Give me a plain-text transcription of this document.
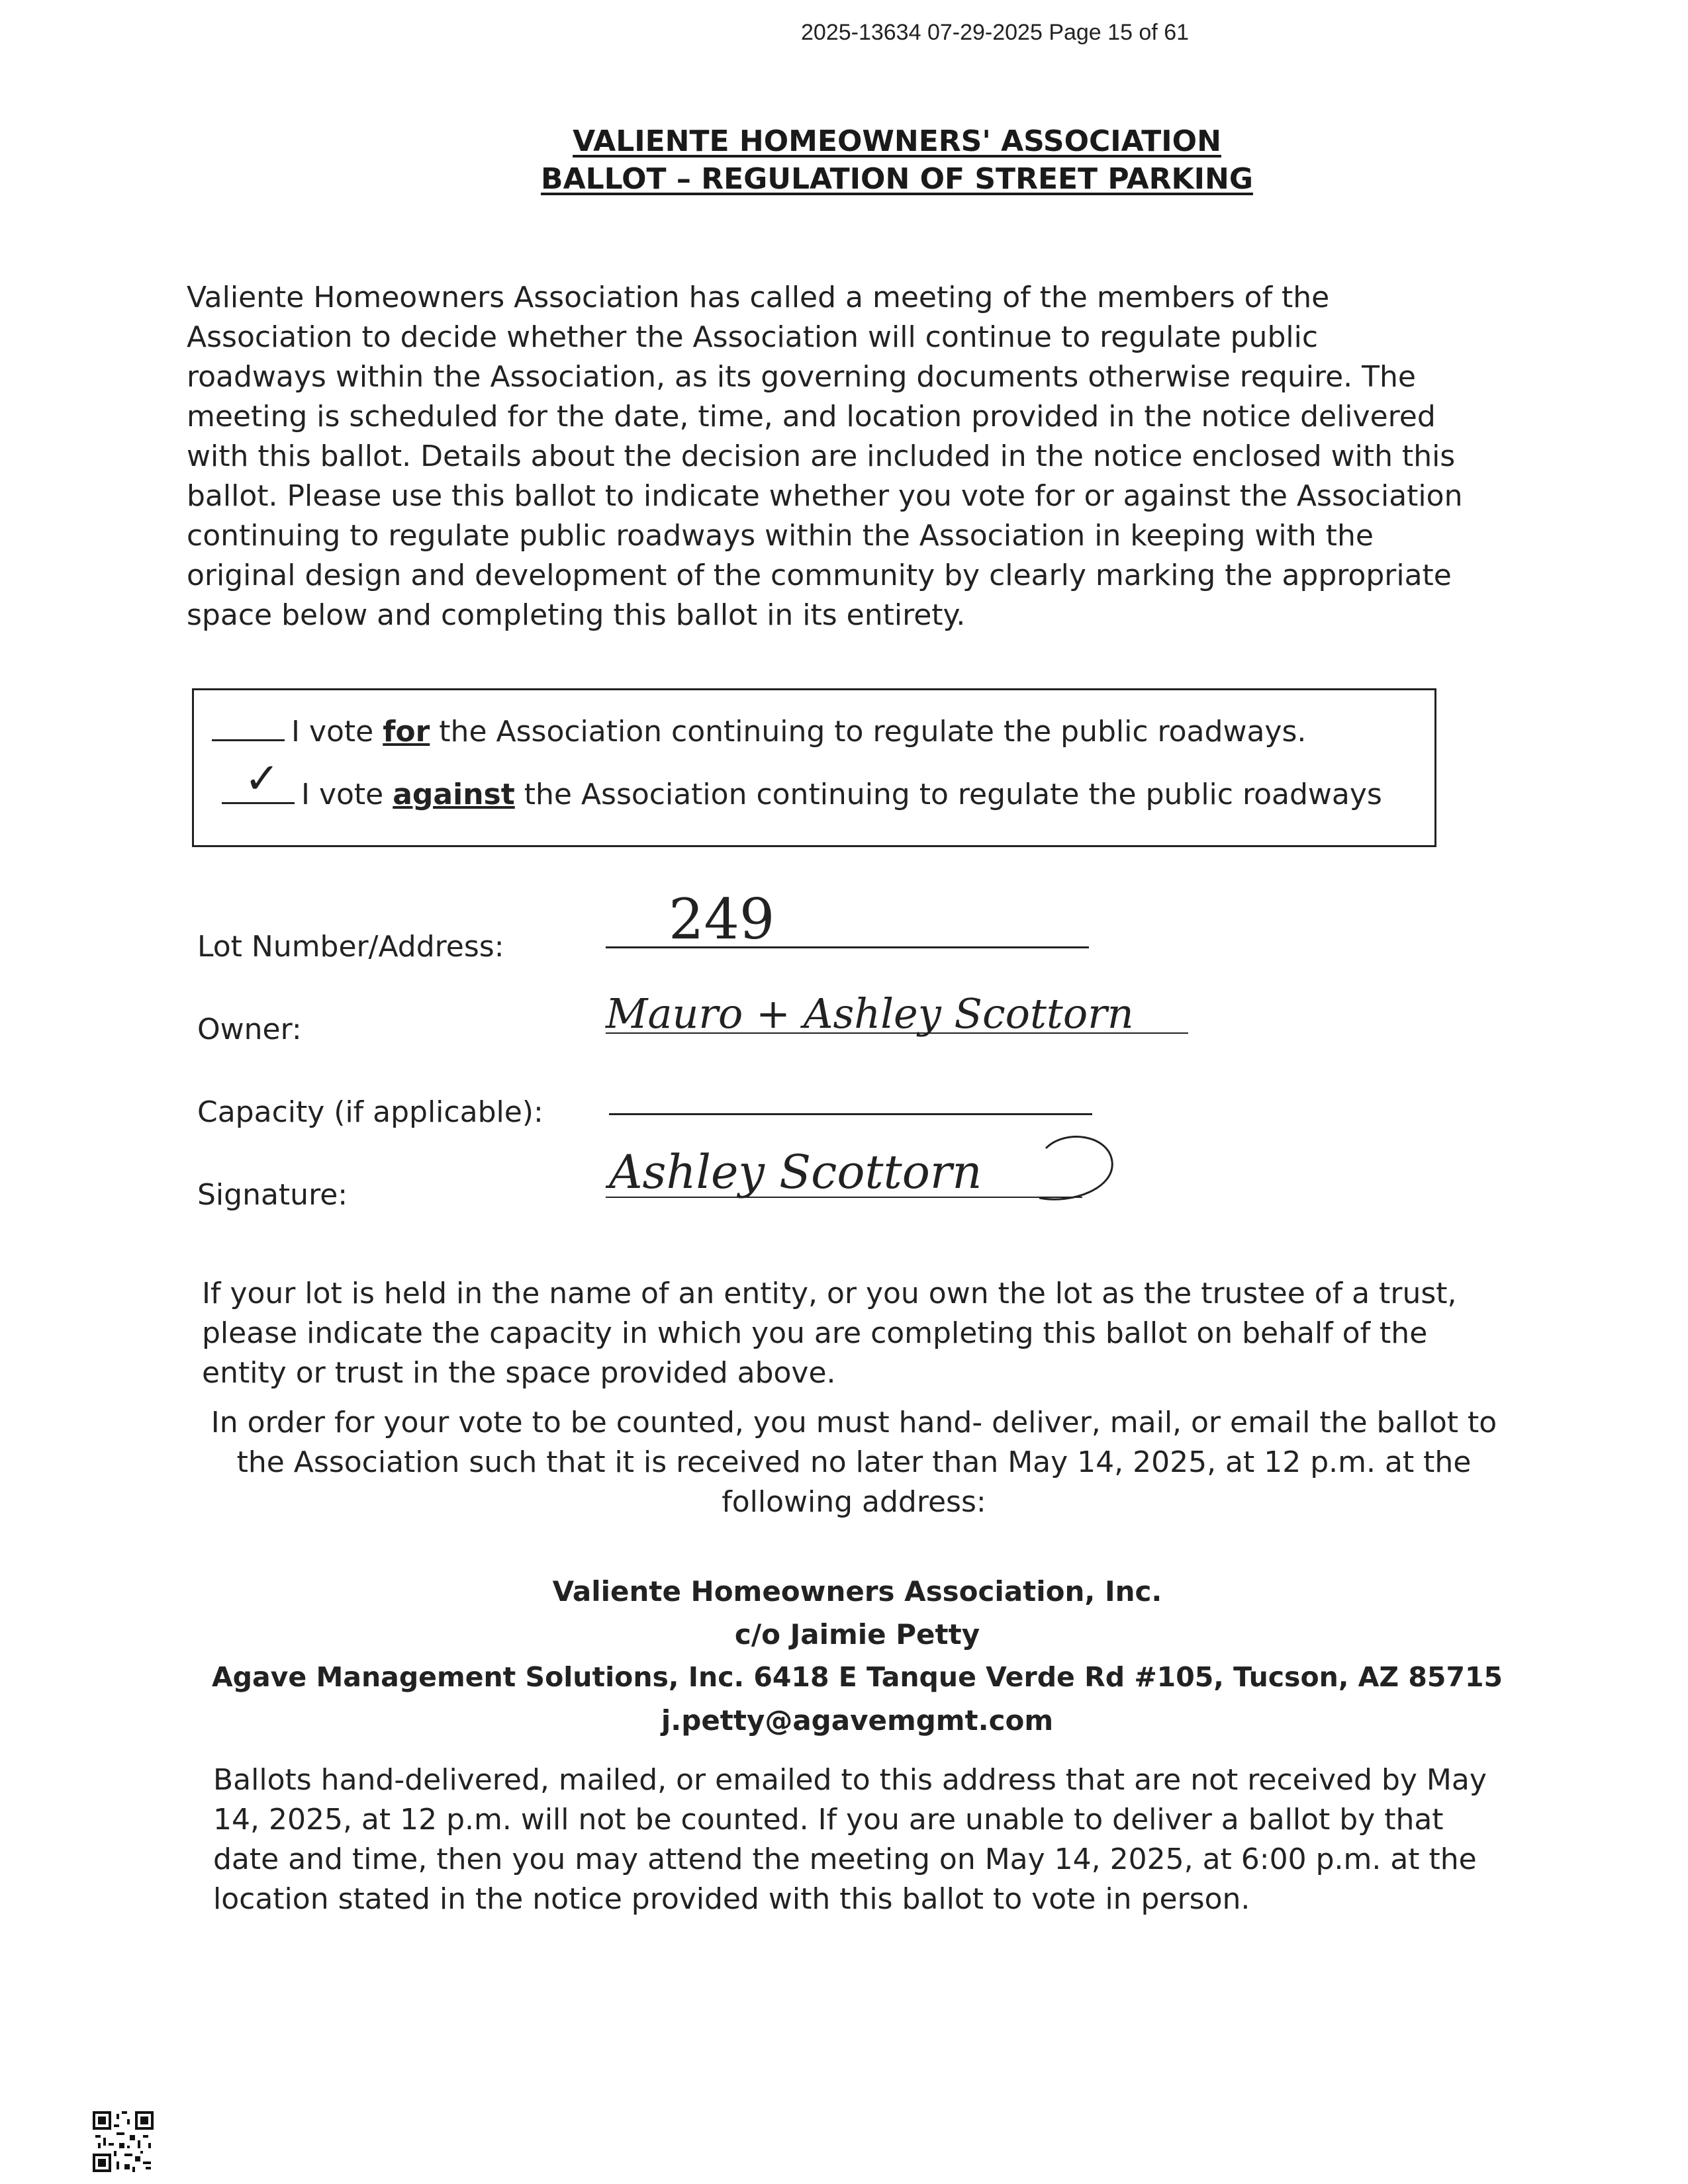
2025-13634 07-29-2025 Page 15 of 61
VALIENTE HOMEOWNERS' ASSOCIATION
BALLOT – REGULATION OF STREET PARKING
Valiente Homeowners Association has called a meeting of the members of the
Association to decide whether the Association will continue to regulate public
roadways within the Association, as its governing documents otherwise require. The
meeting is scheduled for the date, time, and location provided in the notice delivered
with this ballot. Details about the decision are included in the notice enclosed with this
ballot. Please use this ballot to indicate whether you vote for or against the Association
continuing to regulate public roadways within the Association in keeping with the
original design and development of the community by clearly marking the appropriate
space below and completing this ballot in its entirety.
I vote for the Association continuing to regulate the public roadways.
✓ I vote against the Association continuing to regulate the public roadways
Lot Number/Address:	249
Owner:	Mauro + Ashley Scottorn
Capacity (if applicable):
Signature:	Ashley Scottorn
If your lot is held in the name of an entity, or you own the lot as the trustee of a trust,
please indicate the capacity in which you are completing this ballot on behalf of the
entity or trust in the space provided above.
In order for your vote to be counted, you must hand- deliver, mail, or email the ballot to
the Association such that it is received no later than May 14, 2025, at 12 p.m. at the
following address:
Valiente Homeowners Association, Inc.
c/o Jaimie Petty
Agave Management Solutions, Inc. 6418 E Tanque Verde Rd #105, Tucson, AZ 85715
j.petty@agavemgmt.com
Ballots hand-delivered, mailed, or emailed to this address that are not received by May
14, 2025, at 12 p.m. will not be counted. If you are unable to deliver a ballot by that
date and time, then you may attend the meeting on May 14, 2025, at 6:00 p.m. at the
location stated in the notice provided with this ballot to vote in person.
